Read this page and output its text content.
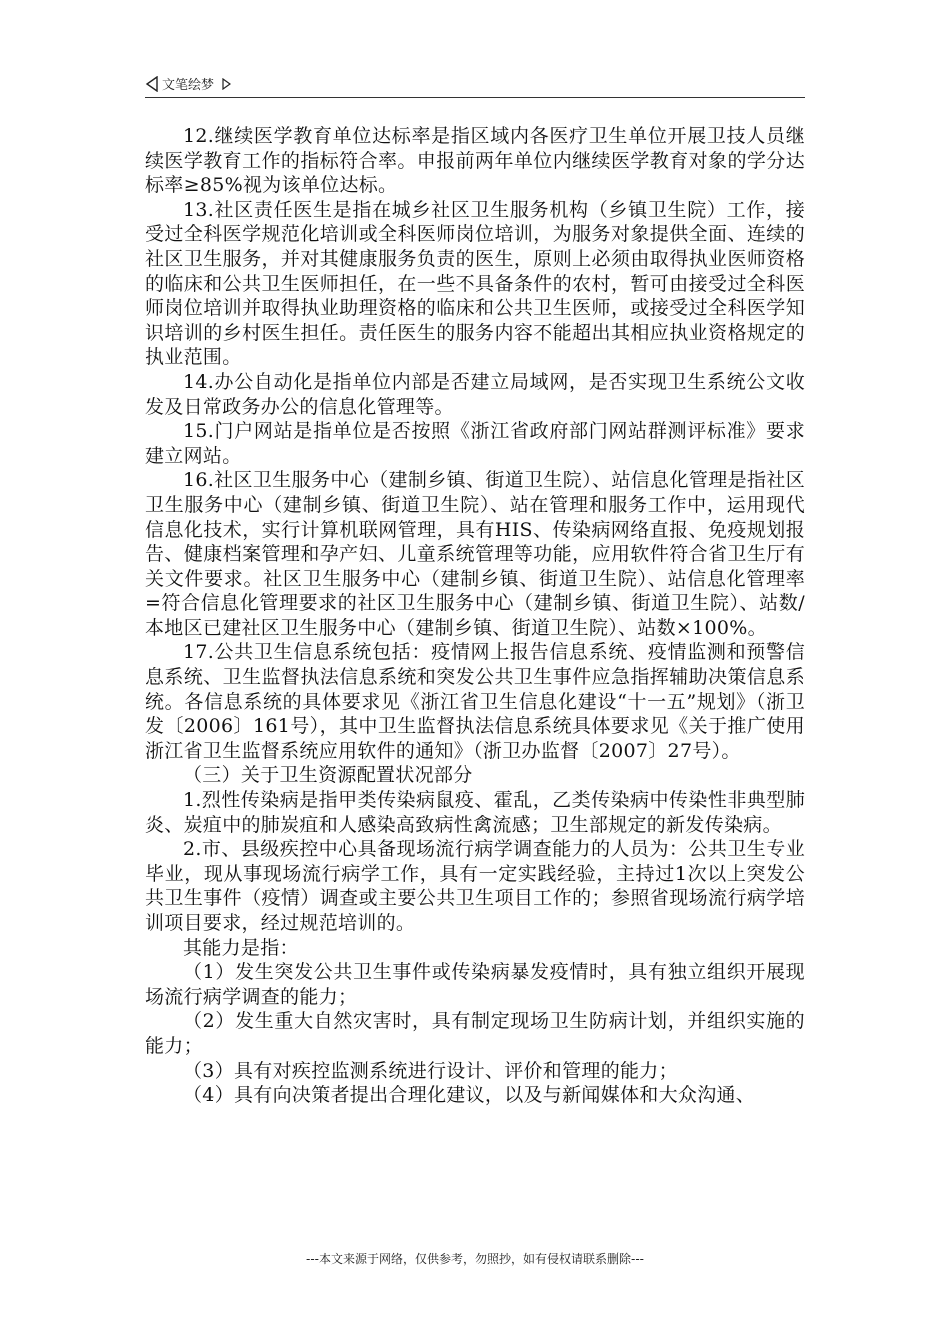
文笔绘梦

12.继续医学教育单位达标率是指区域内各医疗卫生单位开展卫技人员继续医学教育工作的指标符合率。申报前两年单位内继续医学教育对象的学分达标率≥85%视为该单位达标。

13.社区责任医生是指在城乡社区卫生服务机构（乡镇卫生院）工作，接受过全科医学规范化培训或全科医师岗位培训，为服务对象提供全面、连续的社区卫生服务，并对其健康服务负责的医生，原则上必须由取得执业医师资格的临床和公共卫生医师担任，在一些不具备条件的农村，暂可由接受过全科医师岗位培训并取得执业助理资格的临床和公共卫生医师，或接受过全科医学知识培训的乡村医生担任。责任医生的服务内容不能超出其相应执业资格规定的执业范围。

14.办公自动化是指单位内部是否建立局域网，是否实现卫生系统公文收发及日常政务办公的信息化管理等。

15.门户网站是指单位是否按照《浙江省政府部门网站群测评标准》要求建立网站。

16.社区卫生服务中心（建制乡镇、街道卫生院）、站信息化管理是指社区卫生服务中心（建制乡镇、街道卫生院）、站在管理和服务工作中，运用现代信息化技术，实行计算机联网管理，具有HIS、传染病网络直报、免疫规划报告、健康档案管理和孕产妇、儿童系统管理等功能，应用软件符合省卫生厅有关文件要求。社区卫生服务中心（建制乡镇、街道卫生院）、站信息化管理率=符合信息化管理要求的社区卫生服务中心（建制乡镇、街道卫生院）、站数/本地区已建社区卫生服务中心（建制乡镇、街道卫生院）、站数×100%。

17.公共卫生信息系统包括：疫情网上报告信息系统、疫情监测和预警信息系统、卫生监督执法信息系统和突发公共卫生事件应急指挥辅助决策信息系统。各信息系统的具体要求见《浙江省卫生信息化建设“十一五”规划》（浙卫发〔2006〕161号），其中卫生监督执法信息系统具体要求见《关于推广使用浙江省卫生监督系统应用软件的通知》（浙卫办监督〔2007〕27号）。

（三）关于卫生资源配置状况部分

1.烈性传染病是指甲类传染病鼠疫、霍乱，乙类传染病中传染性非典型肺炎、炭疽中的肺炭疽和人感染高致病性禽流感；卫生部规定的新发传染病。

2.市、县级疾控中心具备现场流行病学调查能力的人员为：公共卫生专业毕业，现从事现场流行病学工作，具有一定实践经验，主持过1次以上突发公共卫生事件（疫情）调查或主要公共卫生项目工作的；参照省现场流行病学培训项目要求，经过规范培训的。

其能力是指：

（1）发生突发公共卫生事件或传染病暴发疫情时，具有独立组织开展现场流行病学调查的能力；

（2）发生重大自然灾害时，具有制定现场卫生防病计划，并组织实施的能力；

（3）具有对疾控监测系统进行设计、评价和管理的能力；

（4）具有向决策者提出合理化建议，以及与新闻媒体和大众沟通、

---本文来源于网络，仅供参考，勿照抄，如有侵权请联系删除---
